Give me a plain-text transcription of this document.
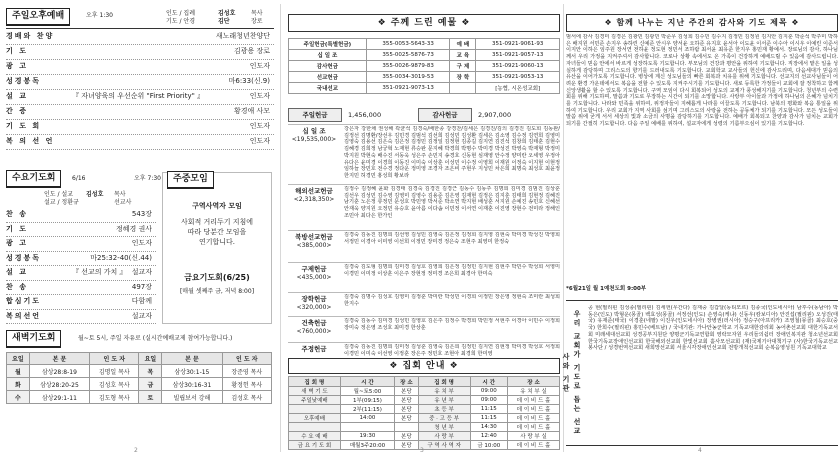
주일오후예배	오후 1:30	인도 / 집례	김성호	목사
기도 / 안경	김단	장로
경배와 찬양	새노래청년찬양단
기 도	김광용 장로
광 고	인도자
성경봉독	마6:33(신.9)
설 교	『 자녀양육의 우선순위 "First Priority" 』	인도자
간 증	황경애 사모
기 도 회	인도자
복 의 선 언	인도자
수요기도회	6/16	오후 7:30
인도 / 설교 김성호 목사
설교 / 정환규	선교사
찬 송	543장
기 도	정혜경 권사
광 고	인도자
성경봉독	마25:32-40(신.44)
설 교	『 선교의 가치 』 설교자
찬 송	497장
합심기도	다함께
복의선언	설교자
주중모임
구역사역자 모임
사회적 거리두기 지침에
따라 당분간 모임을
연기합니다.
금요기도회(6/25)
[매월 셋째주 금, 저녁 8:00]
새벽기도회	월~토 5시, 주일 자유로 (실시간예배교제 참여가능합니다.)
요일	본 문	인 도 자	요일	본 문	인 도 자
월	삼상28:8-19	김명일 목사	목	삼상30:1-15	장준영 목사
화	삼상28:20-25	김성호 목사	금	삼상30:16-31	황정헌 목사
수	삼상29:1-11	김도형 목사	토	빌립보서 강해	김성호 목사
2
❖ 주께 드린 예물 ❖
주일헌금(특별헌금)	355-0053-5643-33	예 배	351-0921-9061-93
십 일 조	355-0025-5876-73	교 육	351-0921-9057-13
감사헌금	355-0026-9879-83	구 제	351-0921-9060-13
선교헌금	355-0034-3019-53	장 학	351-0921-9053-13
국내선교	351-0921-9073-13		[농협, 시온성교회]
주일헌금	1,456,000	감사헌금	2,907,000
십 일 조
<19,535,000>
강은자 강한채 권성해 곽균석 김경숙/배한종 강경찬/김세은 김경진/김의 김경진 김도희 김동완/김정선 김명환/장선우 김민경 김범석 김선희 김성민 김성환 김세은 김소영 김수정 김연희 김영미 김영숙 김용선 김은숙 김은정 김정민 김정일 김정현 김종길 김지연 김진석 김창희 김태훈 김현수 김혜경 김희정 남궁혁 노재현 류승완 문지혜 박경희 박명수 박미경 박성진 박영숙 박재형 박정미 박지원 박현숙 배수진 서동욱 성은주 손민지 송경호 신동현 심재영 안수정 양미란 오세영 우정아 유다은 윤미경 이경희 이동진 이미숙 이상훈 이성민 이수정 이영희 이재원 이정숙 이지현 이현정 임하늘 장민호 전수경 정다운 정미영 조경자 조은비 주현우 지성민 차은희 최명숙 최성호 최윤정 한지민 허경민 홍성희 황보라
해외선교헌금
<2,318,350>
김정수 김정혜 윤화 김경태 김경숙 김경진 김경근 김동수 김동주 김명희 김미경 김범진 김상훈 김선우 김성민 김수영 김영미 김영수 김용준 김은영 김재현 김정은 김지훈 김태희 김현정 김혜진 남기훈 노은정 류정민 문성호 박민영 박서준 박소연 박지현 배성훈 서지원 손예진 송민호 신혜선 안재욱 양지원 오정민 유승호 윤아름 이다솜 이민정 이서연 이재훈 이진영 장현수 전미라 정해인 조민아 최다은 한가인
북방선교헌금
<385,000>
김경숙 김동진 김명희 김선영 김성민 김영숙 김은정 김정희 김지영 김현숙 박미경 박성진 박영희 서정민 이경아 이미영 이선희 이정민 장미경 정은숙 조현주 최영미 한정숙
구제헌금
<435,000>
김경숙 김도형 김명희 김미경 김성호 김영희 김은정 김정민 김지현 김현주 박민수 박성희 서영미 이경민 이미정 이상훈 이은주 장현정 정미경 조은희 최경아 한미숙
장학헌금
<320,000>
김경숙 김명수 김성호 김영미 김정훈 박미란 박성민 이경희 이정민 장은영 정현숙 조미란 최성희 한지수
건축헌금
<760,000>
김경숙 김동수 김미경 김성민 김영호 김은주 김정수 박경희 박민정 서현주 이경아 이민수 이정희 장미숙 정은영 조성호 최미경 한상훈
주정헌금	김경숙 김동진 김명희 김미정 김성훈 김영숙 김은희 김정민 김지연 김현정 박미경 박성호 서정희 이경민 이미숙 이선영 이정훈 장은주 정민호 조현아 최경희 한미영
❖ 집회 안내 ❖
집 회 명	시 간	장 소	집 회 명	시 간	장 소
새 벽 기 도	월~토5:00	본당	유 치 부	09:00	유 치 부 실
주일낮예배	1부(09:15)	본당	유 년 부	09:00	데 이 비 드 홀
	2부(11:15)	본당	초 등 부	11:15	데 이 비 드 홀
오후예배	14:00	본당	중 · 고 등 부	11:15	데 이 비 드 홀
			청 년 부	14:30	데 이 비 드 홀
수 요 예 배	19:30	본당	사 랑 부	12:40	사 랑 부 실
금 요 기 도 회	매월3주20:00	본당	구 역 사 역 자	금 10:00	데 이 비 드 홀
3
❖ 함께 나누는 지난 주간의 감사와 기도 제목 ❖
범서에 감사 김경미 김경은 김광민 김광민 박준우 김성희 김수민 김수지 김정민 김정원 김지안 김지훈 박준석 박주미 박하은 배지원 서민준 손지우 송하린 신예준 안시우 양서윤 오하준 유지호 윤서아 이도윤 이서준 이수아 이시우 이예린 이준서 이지안 이하은 임주원 장서연 전하윤 정도현 정민서 조하람 최서윤 최유준 한지우 홍민재 황예서. 장로님의 감사, 하나님께서 우리 가정을 지켜주셔서 감사합니다. 코로나 상황 속에서도 온 가족이 건강하게 예배드릴 수 있음에 감사드립니다. 자녀들이 믿음 안에서 바르게 성장하도록 기도합니다. 부모님의 건강과 평안을 위하여 기도합니다. 직장에서 맡은 일을 성실하게 감당하며 그리스도의 향기를 드러내도록 기도합니다. 교회학교 교사들의 헌신에 감사드리며, 다음세대가 믿음의 유산을 이어가도록 기도합니다. 병상에 계신 성도님들의 빠른 회복과 치유를 위해 기도합니다. 선교지의 선교사님들이 어려운 환경 가운데에서도 복음을 전할 수 있도록 지켜주시기를 기도합니다. 새로 등록한 가정들이 교회에 잘 정착하고 함께 신앙생활을 할 수 있도록 기도합니다. 구역 모임이 다시 회복되어 성도의 교제가 풍성해지기를 기도합니다. 청년부의 수련회를 위해 기도하며, 말씀과 기도로 무장하는 시간이 되기를 소망합니다. 사랑부 아이들과 가정에 하나님의 은혜가 넘치기를 기도합니다. 나라와 민족을 위하여, 위정자들이 지혜롭게 나라를 이끌도록 기도합니다. 남북의 평화와 복음 통일을 위하여 기도합니다. 우리 교회가 지역 사회를 섬기며 그리스도의 사랑을 전하는 공동체가 되기를 기도합니다. 모든 성도들이 말씀 위에 굳게 서서 세상의 빛과 소금의 사명을 감당하기를 기도합니다. 예배가 회복되고 찬양과 감사가 넘치는 교회가 되기를 간절히 기도합니다. 다음 주일 예배를 위하여, 설교자에게 성령의 기름부으심이 있기를 기도합니다.
*6월21일 월 1예천도회 9:00부
우리 교회가 기도로 돕는 선교사와 기관
공 현(필리핀 김성종(필리핀) 김세헌(우간다) 김재중 김갑달(동티모르) 김종국(인도네시아) 남후수(동남아) 박동은(인도) 박형운(몽골) 백효성(몽골) 서정선(인도) 손영숙(케냐) 신동우(캄보디아) 안진섭(필리핀) 오성진(태국) 유재준(태국) 이경훈(네팔) 이진우(인도네시아) 장병권(러시아) 정승구(아프리카) 조영철(몽골) 최승호(중국) 한희수(필리핀) 홍민수(베트남) / 국내기관: 가나안농군학교 기독교대한감리회 농어촌선교회 대한기독교서회 미래세대선교회 성경공부지원단 양평군기독교연합회 영락모자원 우리들의쉼터 장애인복지관 청소년선교회 한국기독교장애인선교회 한국해외선교회 한빛선교회 홀사모선교회 (재)국제기아대책기구 (사)한국기독교선교봉사단 / 성경번역선교회 새희망선교회 서울시각장애인선교회 전방개척선교회 순복음영성원 기독교대학교
4
